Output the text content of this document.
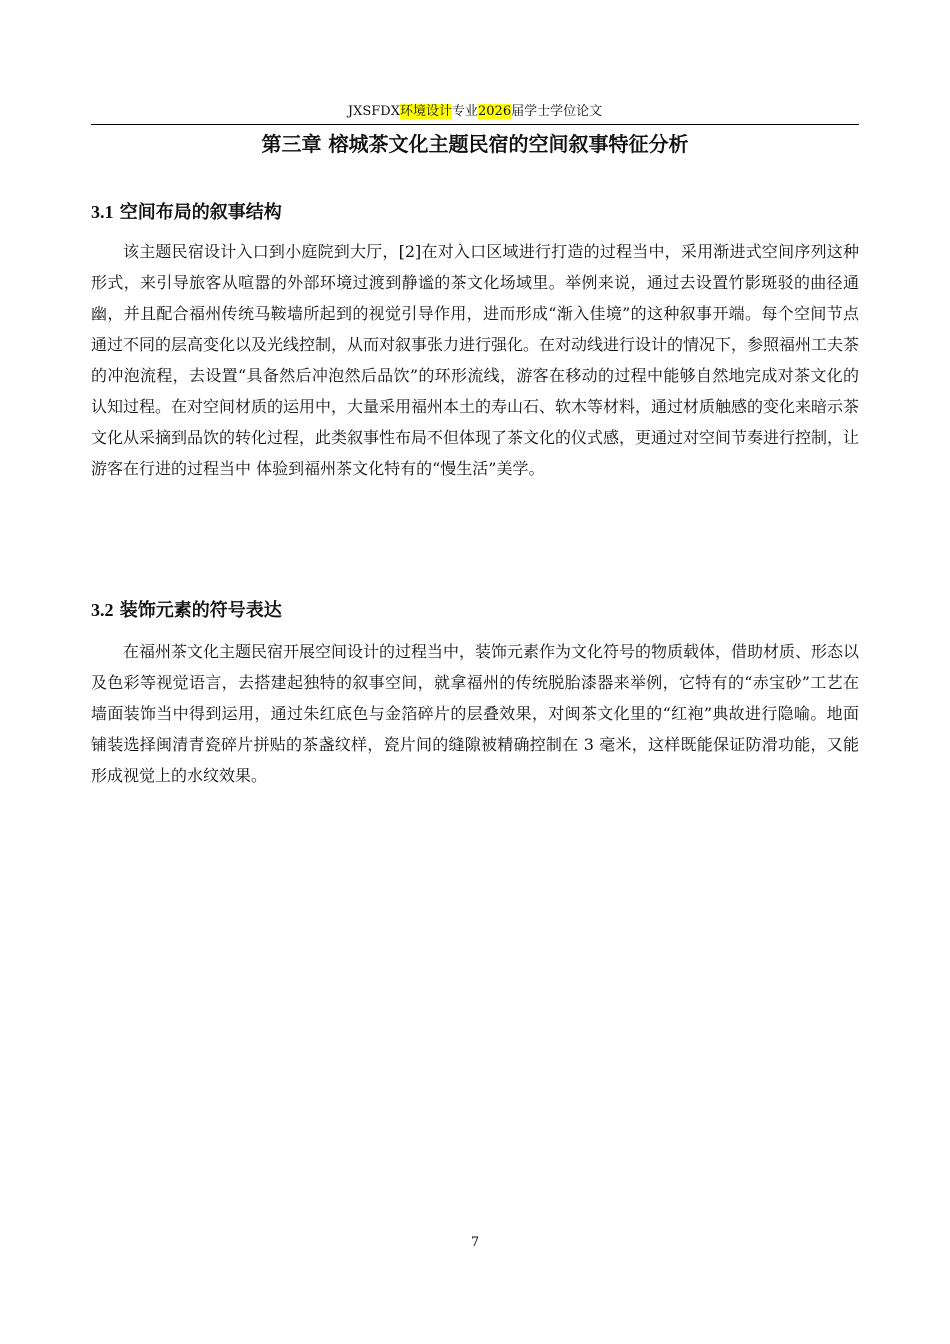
JXSFDX环境设计专业2026届学士学位论文
第三章 榕城茶文化主题民宿的空间叙事特征分析
3.1 空间布局的叙事结构

该主题民宿设计入口到小庭院到大厅，[2]在对入口区域进行打造的过程当中，采用渐进式空间序列这种形式，来引导旅客从喧嚣的外部环境过渡到静谧的茶文化场域里。举例来说，通过去设置竹影斑驳的曲径通幽，并且配合福州传统马鞍墙所起到的视觉引导作用，进而形成“渐入佳境”的这种叙事开端。每个空间节点通过不同的层高变化以及光线控制，从而对叙事张力进行强化。在对动线进行设计的情况下，参照福州工夫茶的冲泡流程，去设置“具备然后冲泡然后品饮”的环形流线，游客在移动的过程中能够自然地完成对茶文化的认知过程。在对空间材质的运用中，大量采用福州本土的寿山石、软木等材料，通过材质触感的变化来暗示茶文化从采摘到品饮的转化过程，此类叙事性布局不但体现了茶文化的仪式感，更通过对空间节奏进行控制，让游客在行进的过程当中 体验到福州茶文化特有的“慢生活”美学。

3.2 装饰元素的符号表达

在福州茶文化主题民宿开展空间设计的过程当中，装饰元素作为文化符号的物质载体，借助材质、形态以及色彩等视觉语言，去搭建起独特的叙事空间，就拿福州的传统脱胎漆器来举例，它特有的“赤宝砂”工艺在墙面装饰当中得到运用，通过朱红底色与金箔碎片的层叠效果，对闽茶文化里的“红袍”典故进行隐喻。地面铺装选择闽清青瓷碎片拼贴的茶盏纹样，瓷片间的缝隙被精确控制在 3 毫米，这样既能保证防滑功能，又能形成视觉上的水纹效果。

7
